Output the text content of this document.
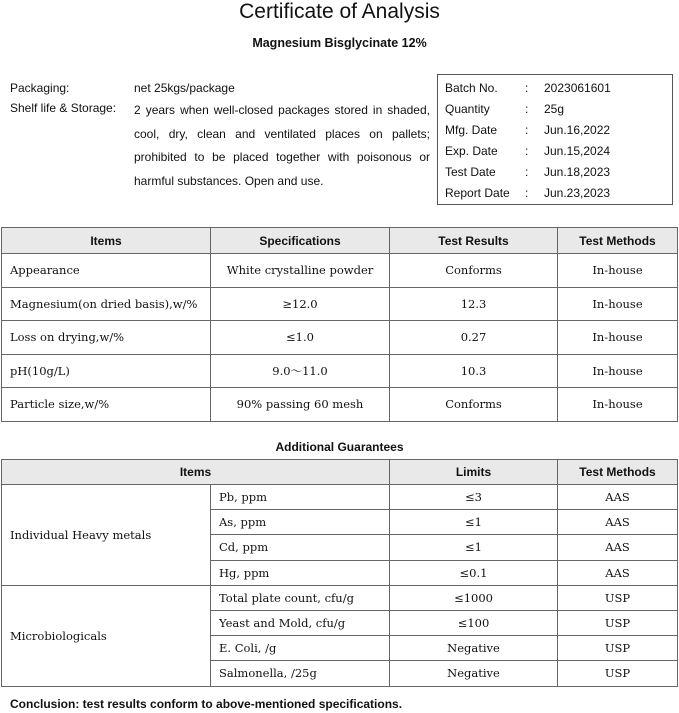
Certificate of Analysis
Magnesium Bisglycinate 12%
Packaging:	net 25kgs/package
Shelf life & Storage: 2 years when well-closed packages stored in shaded, cool, dry, clean and ventilated places on pallets; prohibited to be placed together with poisonous or harmful substances. Open and use.
Batch No. : 2023061601
Quantity	: 25g
Mfg. Date : Jun.16,2022
Exp. Date : Jun.15,2024
Test Date : Jun.18,2023
Report Date : Jun.23,2023
Items	Specifications	Test Results	Test Methods
Appearance	White crystalline powder	Conforms	In-house
Magnesium(on dried basis),w/%	≥12.0	12.3	In-house
Loss on drying,w/%	≤1.0	0.27	In-house
pH(10g/L)	9.0～11.0	10.3	In-house
Particle size,w/%	90% passing 60 mesh	Conforms	In-house
Additional Guarantees
Items		Limits	Test Methods
Individual Heavy metals	Pb, ppm	≤3	AAS
	As, ppm	≤1	AAS
	Cd, ppm	≤1	AAS
	Hg, ppm	≤0.1	AAS
Microbiologicals	Total plate count, cfu/g	≤1000	USP
	Yeast and Mold, cfu/g	≤100	USP
	E. Coli, /g	Negative	USP
	Salmonella, /25g	Negative	USP
Conclusion: test results conform to above-mentioned specifications.
